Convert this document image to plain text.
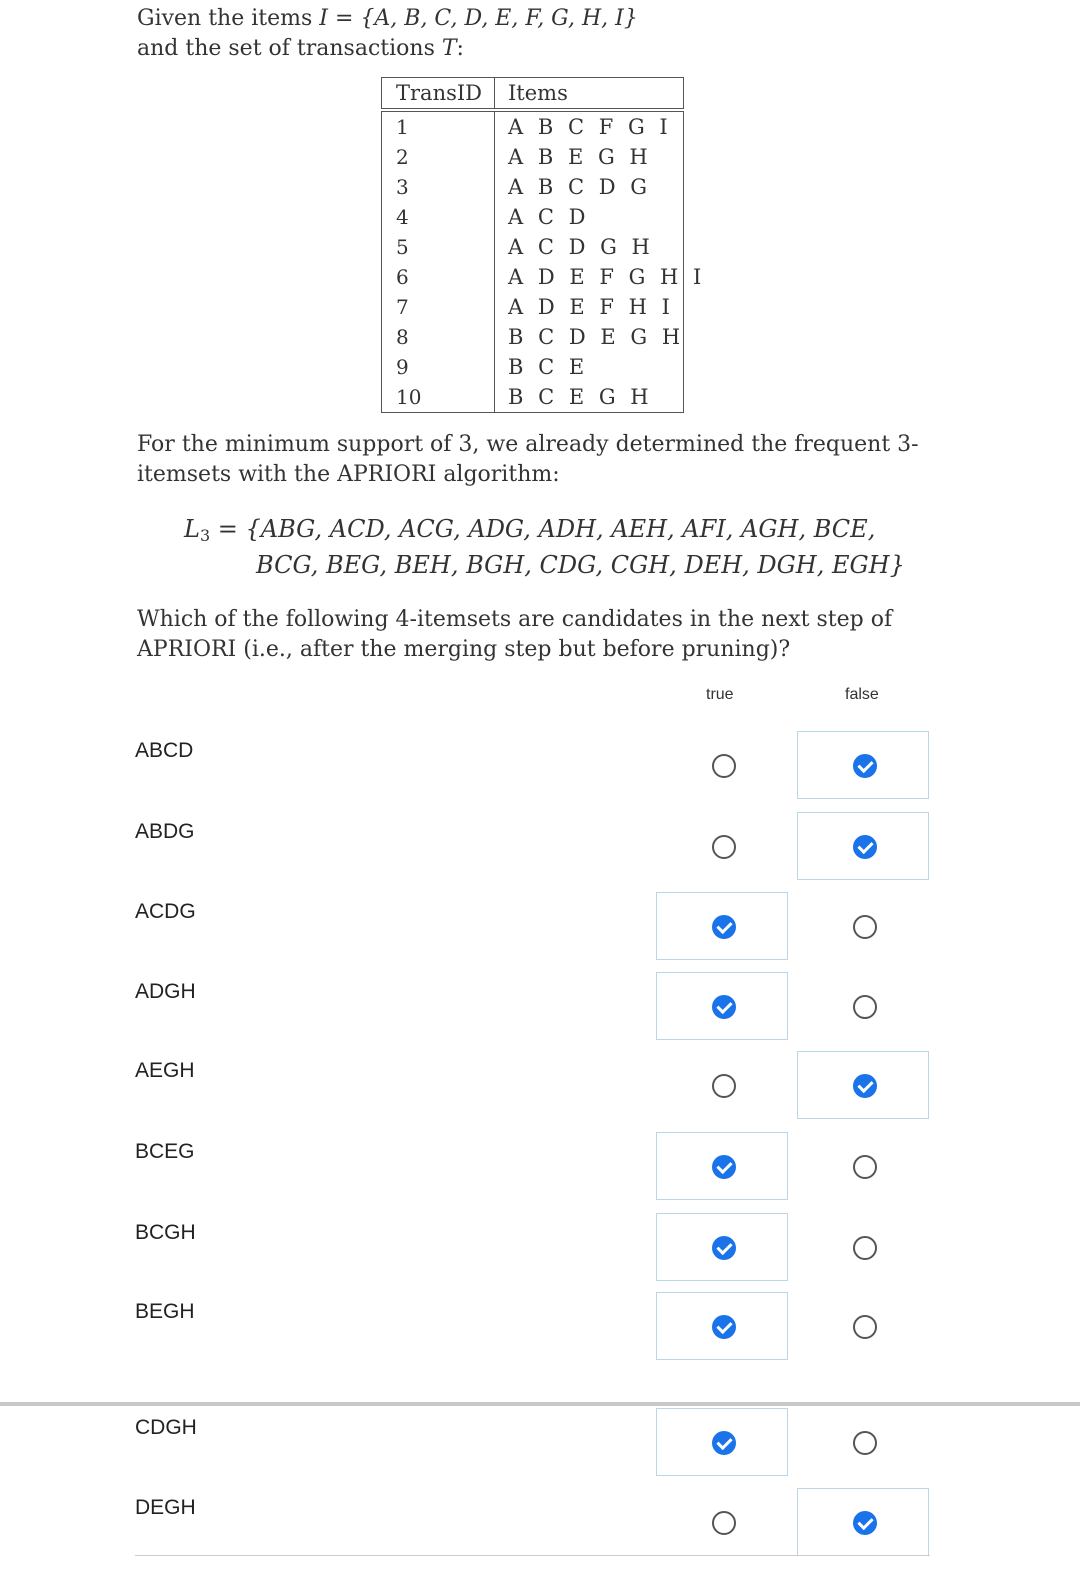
Given the items I = {A, B, C, D, E, F, G, H, I}

and the set of transactions T:

TransID Items
1	A B C F G I
2	A B E G H
3	A B C D G
4	A C D
5	A C D G H
6	A D E F G H I
7	A D E F H I
8	B C D E G H
9	B C E
10	B C E G H
For the minimum support of 3, we already determined the frequent 3-itemsets with the APRIORI algorithm:
$L_3 = \{ABG$, ACD, ACG, ADG, ADH, AEH, AFI, AGH, BCE,
BCG, BEG, BEH, BGH, CDG, CGH, DEH, DGH, EGH}
Which of the following 4-itemsets are candidates in the next step of APRIORI (i.e., after the merging step but before pruning)?
true	false
ABCD
ABDG
ACDG
ADGH
AEGH
BCEG
BCGH
BEGH
CDGH
DEGH
